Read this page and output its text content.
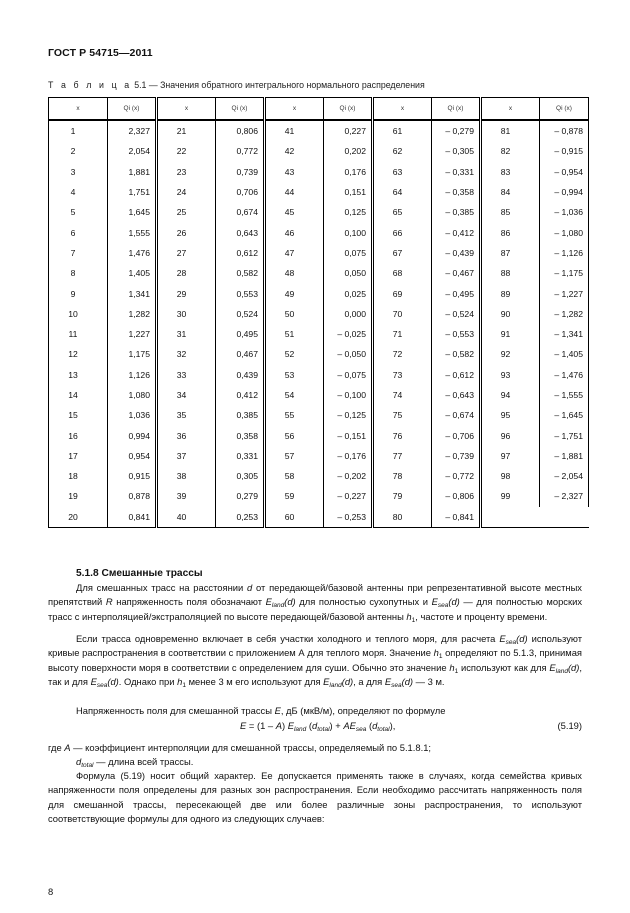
ГОСТ Р 54715—2011
Т а б л и ц а 5.1 — Значения обратного интегрального нормального распределения
x	Qi (x)	x	Qi (x)	x	Qi (x)	x	Qi (x)	x	Qi (x)
1	2,327	21	0,806	41	0,227	61	– 0,279	81	– 0,878
2	2,054	22	0,772	42	0,202	62	– 0,305	82	– 0,915
3	1,881	23	0,739	43	0,176	63	– 0,331	83	– 0,954
4	1,751	24	0,706	44	0,151	64	– 0,358	84	– 0,994
5	1,645	25	0,674	45	0,125	65	– 0,385	85	– 1,036
6	1,555	26	0,643	46	0,100	66	– 0,412	86	– 1,080
7	1,476	27	0,612	47	0,075	67	– 0,439	87	– 1,126
8	1,405	28	0,582	48	0,050	68	– 0,467	88	– 1,175
9	1,341	29	0,553	49	0,025	69	– 0,495	89	– 1,227
10	1,282	30	0,524	50	0,000	70	– 0,524	90	– 1,282
11	1,227	31	0,495	51	– 0,025	71	– 0,553	91	– 1,341
12	1,175	32	0,467	52	– 0,050	72	– 0,582	92	– 1,405
13	1,126	33	0,439	53	– 0,075	73	– 0,612	93	– 1,476
14	1,080	34	0,412	54	– 0,100	74	– 0,643	94	– 1,555
15	1,036	35	0,385	55	– 0,125	75	– 0,674	95	– 1,645
16	0,994	36	0,358	56	– 0,151	76	– 0,706	96	– 1,751
17	0,954	37	0,331	57	– 0,176	77	– 0,739	97	– 1,881
18	0,915	38	0,305	58	– 0,202	78	– 0,772	98	– 2,054
19	0,878	39	0,279	59	– 0,227	79	– 0,806	99	– 2,327
20	0,841	40	0,253	60	– 0,253	80	– 0,841		
5.1.8 Смешанные трассы
Для смешанных трасс на расстоянии d от передающей/базовой антенны при репрезентативной высоте местных препятствий R напряженность поля обозначают $E_{land}(d)$ для полностью сухопутных и $E_{sea}(d)$ — для полностью морских трасс с интерполяцией/экстраполяцией по высоте передающей/базовой антенны $h_1$, частоте и проценту времени.
Если трасса одновременно включает в себя участки холодного и теплого моря, для расчета $E_{sea}(d)$ используют кривые распространения в соответствии с приложением А для теплого моря. Значение $h_1$ определяют по 5.1.3, принимая высоту поверхности моря в соответствии с определением для суши. Обычно это значение $h_1$ используют как для $E_{land}(d)$, так и для $E_{sea}(d)$. Однако при $h_1$ менее 3 м его используют для $E_{land}(d)$, а для $E_{sea}(d)$ — 3 м.
Напряженность поля для смешанной трассы E, дБ (мкВ/м), определяют по формуле
E = (1 – A) $E_{land}$ $(d_{total}) + AE_{sea}$ $(d_{total})$,	(5.19)
где A — коэффициент интерполяции для смешанной трассы, определяемый по 5.1.8.1;
$d_{total}$ — длина всей трассы.
Формула (5.19) носит общий характер. Ее допускается применять также в случаях, когда семейства кривых напряженности поля определены для разных зон распространения. Если необходимо рассчитать напряженность поля для смешанной трассы, пересекающей две или более различные зоны распространения, то используют соответствующие формулы для одного из следующих случаев:
8
